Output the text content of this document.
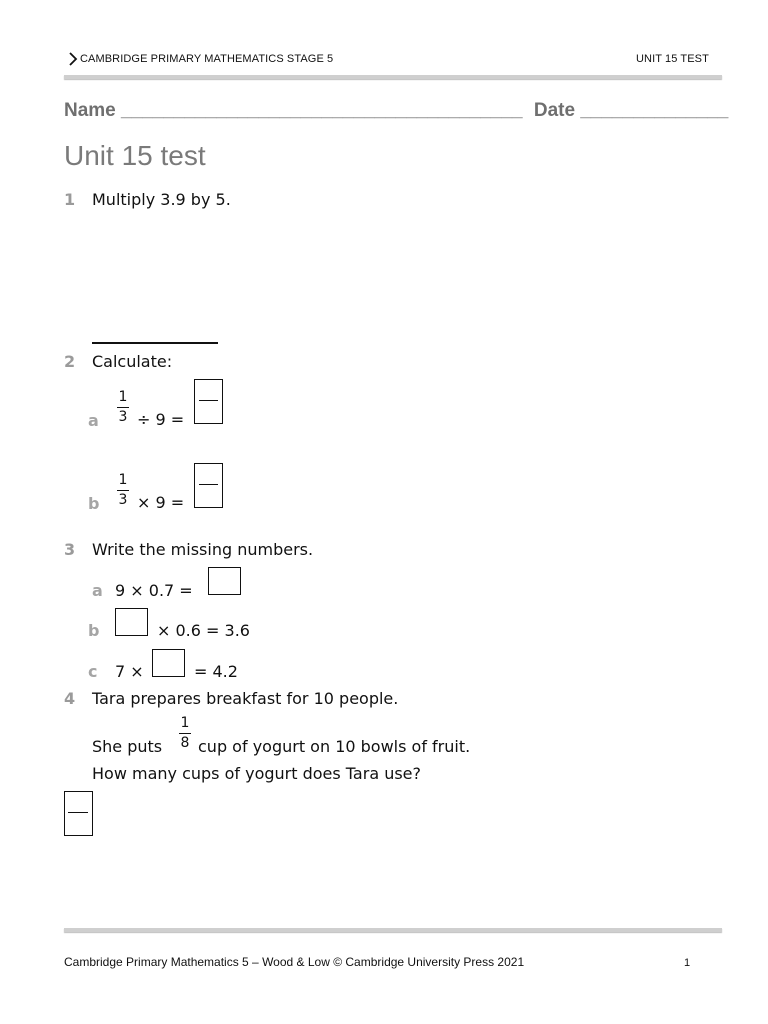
CAMBRIDGE PRIMARY MATHEMATICS STAGE 5	UNIT 15 TEST
Name ______________________________________ Date ______________
Unit 15 test
1 Multiply 3.9 by 5.
2 Calculate:
a
1
3 ÷ 9 =
b
1
3 × 9 =
3 Write the missing numbers.
a 9 × 0.7 =
b	× 0.6 = 3.6
c 7 ×	= 4.2
4 Tara prepares breakfast for 10 people.
She puts
1
8 cup of yogurt on 10 bowls of fruit.
How many cups of yogurt does Tara use?
Cambridge Primary Mathematics 5 – Wood & Low © Cambridge University Press 2021	1
